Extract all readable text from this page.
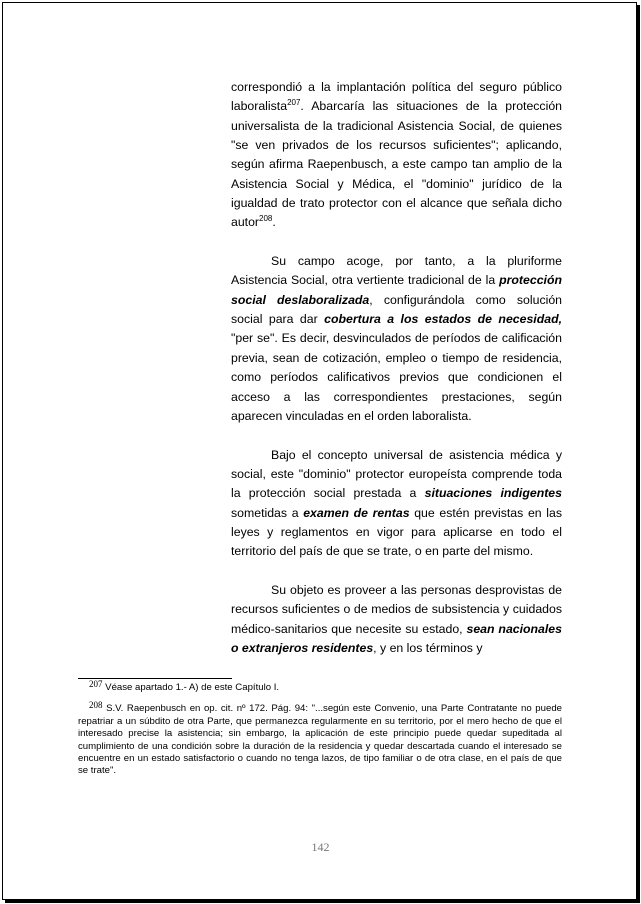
correspondió a la implantación política del seguro público laboralista$^{207}$. Abarcaría las situaciones de la protección universalista de la tradicional Asistencia Social, de quienes "se ven privados de los recursos suficientes"; aplicando, según afirma Raepenbusch, a este campo tan amplio de la Asistencia Social y Médica, el "dominio" jurídico de la igualdad de trato protector con el alcance que señala dicho autor$^{208}$.

Su campo acoge, por tanto, a la pluriforme Asistencia Social, otra vertiente tradicional de la protección social deslaboralizada, configurándola como solución social para dar cobertura a los estados de necesidad, "per se". Es decir, desvinculados de períodos de calificación previa, sean de cotización, empleo o tiempo de residencia, como períodos calificativos previos que condicionen el acceso a las correspondientes prestaciones, según aparecen vinculadas en el orden laboralista.

Bajo el concepto universal de asistencia médica y social, este "dominio" protector europeísta comprende toda la protección social prestada a situaciones indigentes sometidas a examen de rentas que estén previstas en las leyes y reglamentos en vigor para aplicarse en todo el territorio del país de que se trate, o en parte del mismo.

Su objeto es proveer a las personas desprovistas de recursos suficientes o de medios de subsistencia y cuidados médico-sanitarios que necesite su estado, sean nacionales o extranjeros residentes, y en los términos y

207 Véase apartado 1.- A) de este Capítulo I.

208 S.V. Raepenbusch en op. cit. nº 172. Pág. 94: "...según este Convenio, una Parte Contratante no puede repatriar a un súbdito de otra Parte, que permanezca regularmente en su territorio, por el mero hecho de que el interesado precise la asistencia; sin embargo, la aplicación de este principio puede quedar supeditada al cumplimiento de una condición sobre la duración de la residencia y quedar descartada cuando el interesado se encuentre en un estado satisfactorio o cuando no tenga lazos, de tipo familiar o de otra clase, en el país de que se trate".

142
